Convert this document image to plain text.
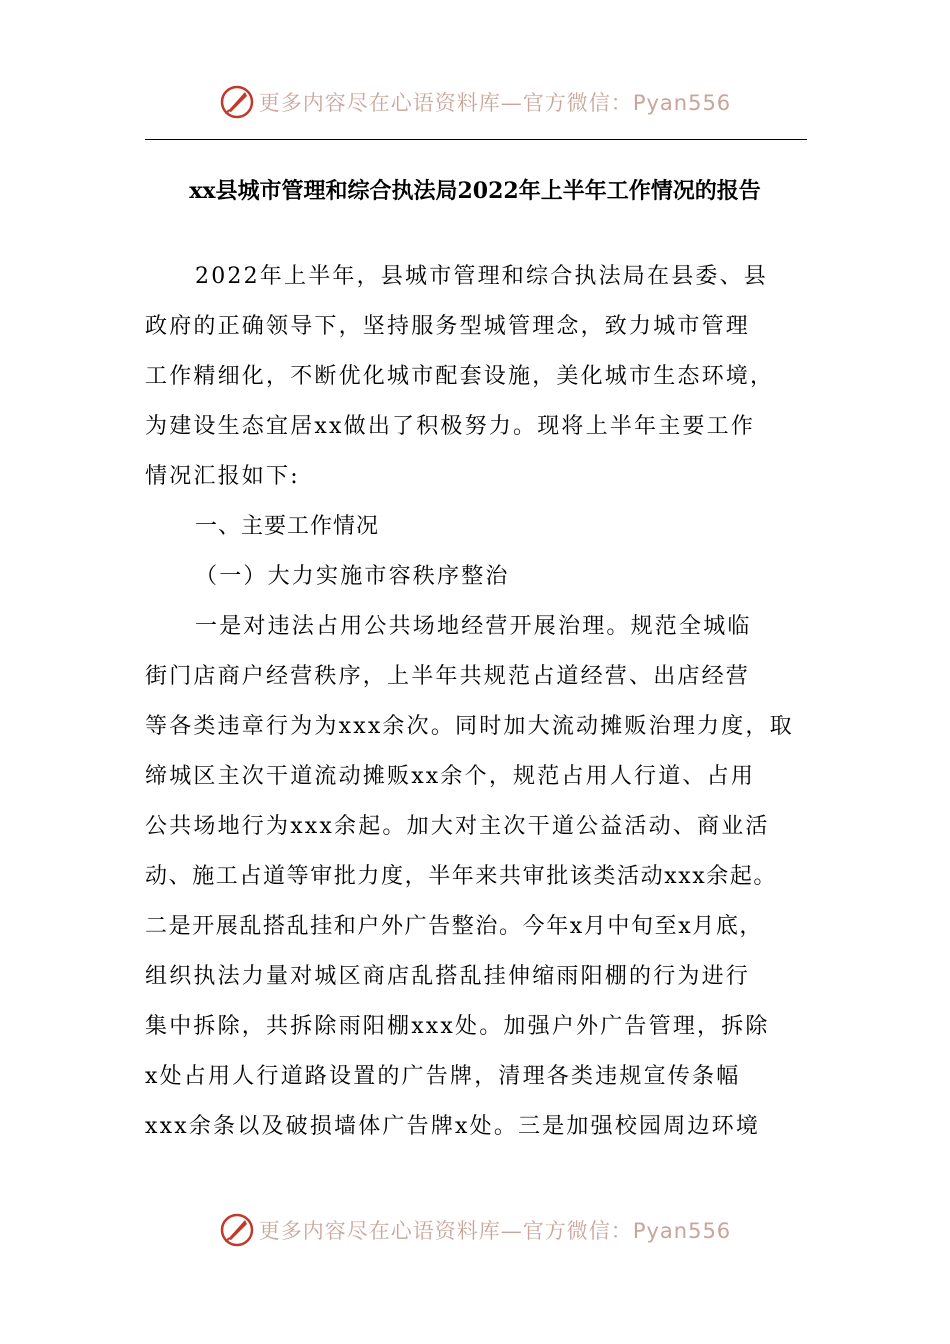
更多内容尽在心语资料库—官方微信：Pyan556
xx县城市管理和综合执法局2022年上半年工作情况的报告
2022年上半年，县城市管理和综合执法局在县委、县
政府的正确领导下，坚持服务型城管理念，致力城市管理
工作精细化，不断优化城市配套设施，美化城市生态环境，
为建设生态宜居xx做出了积极努力。现将上半年主要工作
情况汇报如下:
一、主要工作情况
（一）大力实施市容秩序整治
一是对违法占用公共场地经营开展治理。规范全城临
街门店商户经营秩序，上半年共规范占道经营、出店经营
等各类违章行为为xxx余次。同时加大流动摊贩治理力度，取
缔城区主次干道流动摊贩xx余个，规范占用人行道、占用
公共场地行为xxx余起。加大对主次干道公益活动、商业活
动、施工占道等审批力度，半年来共审批该类活动xxx余起。
二是开展乱搭乱挂和户外广告整治。今年x月中旬至x月底，
组织执法力量对城区商店乱搭乱挂伸缩雨阳棚的行为进行
集中拆除，共拆除雨阳棚xxx处。加强户外广告管理，拆除
x处占用人行道路设置的广告牌，清理各类违规宣传条幅
xxx余条以及破损墙体广告牌x处。三是加强校园周边环境
更多内容尽在心语资料库—官方微信：Pyan556
